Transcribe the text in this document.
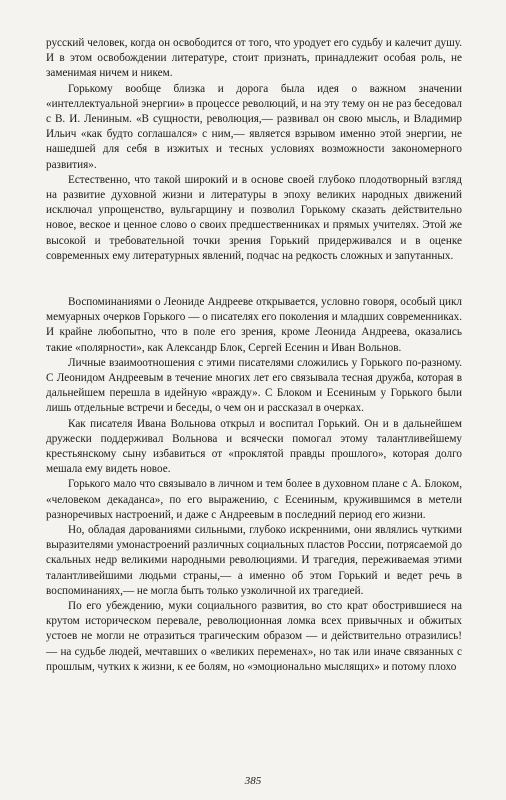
русский человек, когда он освободится от того, что уродует его судьбу и калечит душу. И в этом освобождении литературе, стоит признать, принадлежит особая роль, не заменимая ничем и никем.

Горькому вообще близка и дорога была идея о важном значении «интеллектуальной энергии» в процессе революций, и на эту тему он не раз беседовал с В. И. Лениным. «В сущности, революция,— развивал он свою мысль, и Владимир Ильич «как будто соглашался» с ним,— является взрывом именно этой энергии, не нашедшей для себя в изжитых и тесных условиях возможности закономерного развития».

Естественно, что такой широкий и в основе своей глубоко плодотворный взгляд на развитие духовной жизни и литературы в эпоху великих народных движений исключал упрощенство, вульгарщину и позволил Горькому сказать действительно новое, веское и ценное слово о своих предшественниках и прямых учителях. Этой же высокой и требовательной точки зрения Горький придерживался и в оценке современных ему литературных явлений, подчас на редкость сложных и запутанных.

Воспоминаниями о Леониде Андрееве открывается, условно говоря, особый цикл мемуарных очерков Горького — о писателях его поколения и младших современниках. И крайне любопытно, что в поле его зрения, кроме Леонида Андреева, оказались такие «полярности», как Александр Блок, Сергей Есенин и Иван Вольнов.

Личные взаимоотношения с этими писателями сложились у Горького по-разному. С Леонидом Андреевым в течение многих лет его связывала тесная дружба, которая в дальнейшем перешла в идейную «вражду». С Блоком и Есениным у Горького были лишь отдельные встречи и беседы, о чем он и рассказал в очерках.

Как писателя Ивана Вольнова открыл и воспитал Горький. Он и в дальнейшем дружески поддерживал Вольнова и всячески помогал этому талантливейшему крестьянскому сыну избавиться от «проклятой правды прошлого», которая долго мешала ему видеть новое.

Горького мало что связывало в личном и тем более в духовном плане с А. Блоком, «человеком декаданса», по его выражению, с Есениным, кружившимся в метели разноречивых настроений, и даже с Андреевым в последний период его жизни.

Но, обладая дарованиями сильными, глубоко искренними, они являлись чуткими выразителями умонастроений различных социальных пластов России, потрясаемой до скальных недр великими народными революциями. И трагедия, переживаемая этими талантливейшими людьми страны,— а именно об этом Горький и ведет речь в воспоминаниях,— не могла быть только узколичной их трагедией.

По его убеждению, муки социального развития, во сто крат обострившиеся на крутом историческом перевале, революционная ломка всех привычных и обжитых устоев не могли не отразиться трагическим образом — и действительно отразились! — на судьбе людей, мечтавших о «великих переменах», но так или иначе связанных с прошлым, чутких к жизни, к ее болям, но «эмоционально мыслящих» и потому плохо

385
